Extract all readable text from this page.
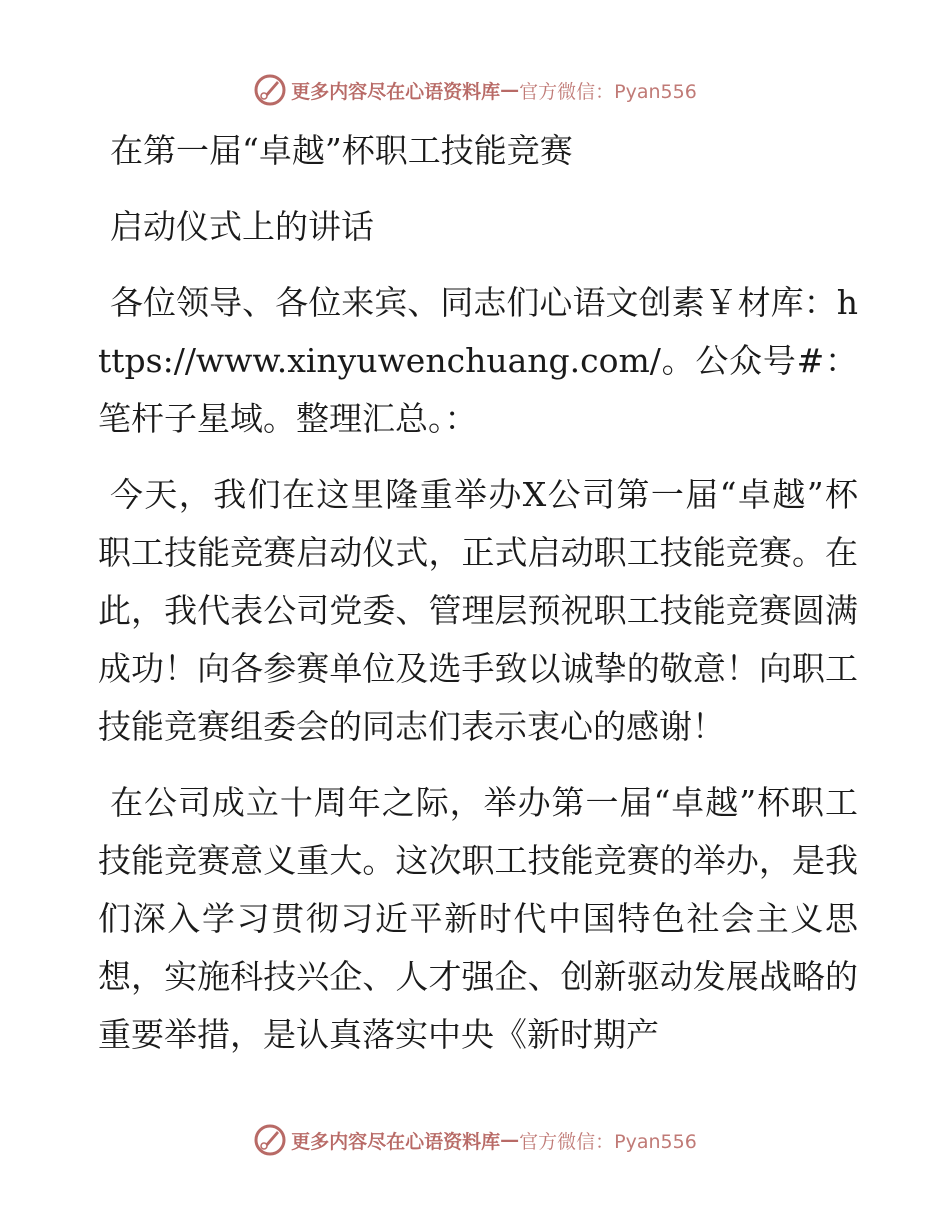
更多内容尽在心语资料库 — 官方微信：Pyan556

在第一届“卓越”杯职工技能竞赛

启动仪式上的讲话

各位领导、各位来宾、同志们心语文创素￥材库：https://www.xinyuwenchuang.com/。公众号#：笔杆子星域。整理汇总。：

今天，我们在这里隆重举办X公司第一届“卓越”杯职工技能竞赛启动仪式，正式启动职工技能竞赛。在此，我代表公司党委、管理层预祝职工技能竞赛圆满成功！向各参赛单位及选手致以诚挚的敬意！向职工技能竞赛组委会的同志们表示衷心的感谢！

在公司成立十周年之际，举办第一届“卓越”杯职工技能竞赛意义重大。这次职工技能竞赛的举办，是我们深入学习贯彻习近平新时代中国特色社会主义思想，实施科技兴企、人才强企、创新驱动发展战略的重要举措，是认真落实中央《新时期产

更多内容尽在心语资料库 — 官方微信：Pyan556
